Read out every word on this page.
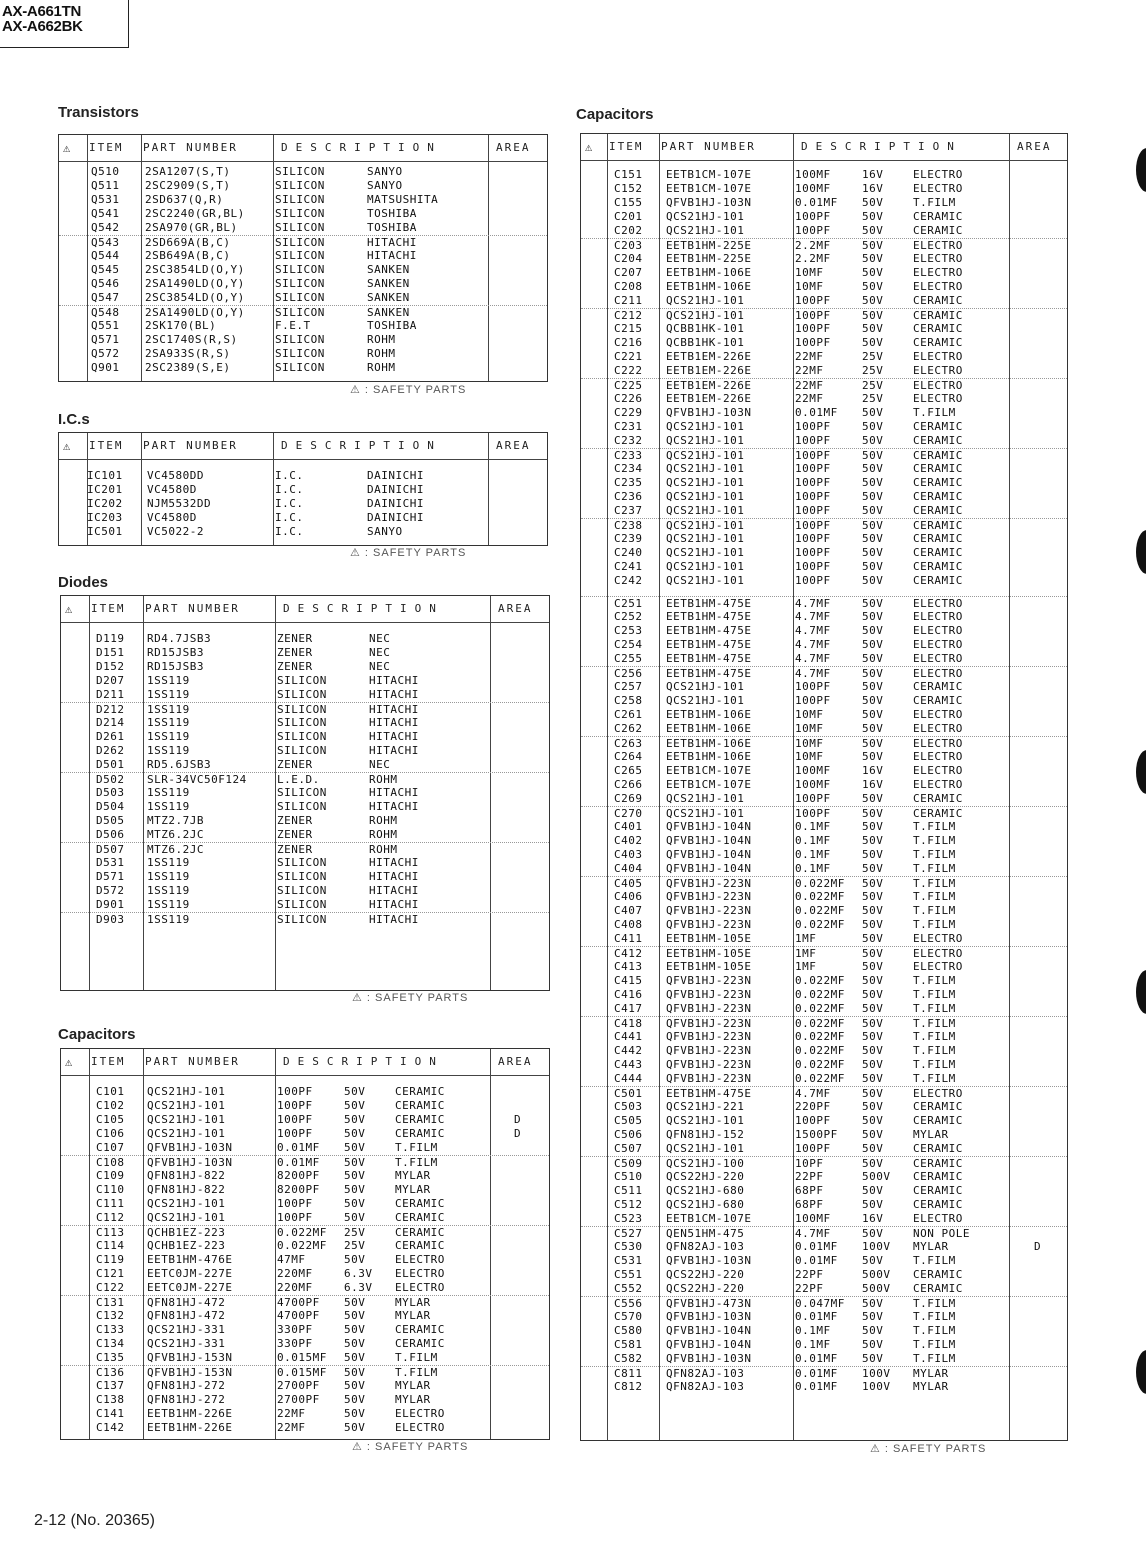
AX-A661TN
AX-A662BK
Transistors
⚠ ITEM PART NUMBER	DESCRIPTION	AREA
Q510 2SA1207(S,T)	SILICON	SANYO
Q511 2SC2909(S,T)	SILICON	SANYO
Q531 2SD637(Q,R)	SILICON	MATSUSHITA
Q541 2SC2240(GR,BL)	SILICON	TOSHIBA
Q542 2SA970(GR,BL)	SILICON	TOSHIBA
Q543 2SD669A(B,C)	SILICON	HITACHI
Q544 2SB649A(B,C)	SILICON	HITACHI
Q545 2SC3854LD(O,Y)	SILICON	SANKEN
Q546 2SA1490LD(O,Y)	SILICON	SANKEN
Q547 2SC3854LD(O,Y)	SILICON	SANKEN
Q548 2SA1490LD(O,Y)	SILICON	SANKEN
Q551 2SK170(BL)	F.E.T	TOSHIBA
Q571 2SC1740S(R,S)	SILICON	ROHM
Q572 2SA933S(R,S)	SILICON	ROHM
Q901 2SC2389(S,E)	SILICON	ROHM
⚠ : SAFETY PARTS
I.C.s
⚠ ITEM PART NUMBER	DESCRIPTION	AREA
IC101 VC4580DD	I.C.	DAINICHI
IC201 VC4580D	I.C.	DAINICHI
IC202 NJM5532DD	I.C.	DAINICHI
IC203 VC4580D	I.C.	DAINICHI
IC501 VC5022-2	I.C.	SANYO
⚠ : SAFETY PARTS
Diodes
⚠ ITEM PART NUMBER	DESCRIPTION	AREA
D119 RD4.7JSB3	ZENER	NEC
D151 RD15JSB3	ZENER	NEC
D152 RD15JSB3	ZENER	NEC
D207 1SS119	SILICON	HITACHI
D211 1SS119	SILICON	HITACHI
D212 1SS119	SILICON	HITACHI
D214 1SS119	SILICON	HITACHI
D261 1SS119	SILICON	HITACHI
D262 1SS119	SILICON	HITACHI
D501 RD5.6JSB3	ZENER	NEC
D502 SLR-34VC50F124	L.E.D.	ROHM
D503 1SS119	SILICON	HITACHI
D504 1SS119	SILICON	HITACHI
D505 MTZ2.7JB	ZENER	ROHM
D506 MTZ6.2JC	ZENER	ROHM
D507 MTZ6.2JC	ZENER	ROHM
D531 1SS119	SILICON	HITACHI
D571 1SS119	SILICON	HITACHI
D572 1SS119	SILICON	HITACHI
D901 1SS119	SILICON	HITACHI
D903 1SS119	SILICON	HITACHI
⚠ : SAFETY PARTS
Capacitors
⚠ ITEM PART NUMBER	DESCRIPTION	AREA
C101 QCS21HJ-101	100PF	50V	CERAMIC
C102 QCS21HJ-101	100PF	50V	CERAMIC
C105 QCS21HJ-101	100PF	50V	CERAMIC	D
C106 QCS21HJ-101	100PF	50V	CERAMIC	D
C107 QFVB1HJ-103N	0.01MF 50V	T.FILM
C108 QFVB1HJ-103N	0.01MF 50V	T.FILM
C109 QFN81HJ-822	8200PF 50V	MYLAR
C110 QFN81HJ-822	8200PF 50V	MYLAR
C111 QCS21HJ-101	100PF	50V	CERAMIC
C112 QCS21HJ-101	100PF	50V	CERAMIC
C113 QCHB1EZ-223	0.022MF 25V	CERAMIC
C114 QCHB1EZ-223	0.022MF 25V	CERAMIC
C119 EETB1HM-476E	47MF	50V	ELECTRO
C121 EETC0JM-227E	220MF	6.3V ELECTRO
C122 EETC0JM-227E	220MF	6.3V ELECTRO
C131 QFN81HJ-472	4700PF 50V	MYLAR
C132 QFN81HJ-472	4700PF 50V	MYLAR
C133 QCS21HJ-331	330PF	50V	CERAMIC
C134 QCS21HJ-331	330PF	50V	CERAMIC
C135 QFVB1HJ-153N	0.015MF 50V	T.FILM
C136 QFVB1HJ-153N	0.015MF 50V	T.FILM
C137 QFN81HJ-272	2700PF 50V	MYLAR
C138 QFN81HJ-272	2700PF 50V	MYLAR
C141 EETB1HM-226E	22MF	50V	ELECTRO
C142 EETB1HM-226E	22MF	50V	ELECTRO
⚠ : SAFETY PARTS
Capacitors
⚠ ITEM PART NUMBER	DESCRIPTION	AREA
C151 EETB1CM-107E	100MF	16V	ELECTRO
C152 EETB1CM-107E	100MF	16V	ELECTRO
C155 QFVB1HJ-103N	0.01MF 50V	T.FILM
C201 QCS21HJ-101	100PF	50V	CERAMIC
C202 QCS21HJ-101	100PF	50V	CERAMIC
C203 EETB1HM-225E	2.2MF	50V	ELECTRO
C204 EETB1HM-225E	2.2MF	50V	ELECTRO
C207 EETB1HM-106E	10MF	50V	ELECTRO
C208 EETB1HM-106E	10MF	50V	ELECTRO
C211 QCS21HJ-101	100PF	50V	CERAMIC
C212 QCS21HJ-101	100PF	50V	CERAMIC
C215 QCBB1HK-101	100PF	50V	CERAMIC
C216 QCBB1HK-101	100PF	50V	CERAMIC
C221 EETB1EM-226E	22MF	25V	ELECTRO
C222 EETB1EM-226E	22MF	25V	ELECTRO
C225 EETB1EM-226E	22MF	25V	ELECTRO
C226 EETB1EM-226E	22MF	25V	ELECTRO
C229 QFVB1HJ-103N	0.01MF 50V	T.FILM
C231 QCS21HJ-101	100PF	50V	CERAMIC
C232 QCS21HJ-101	100PF	50V	CERAMIC
C233 QCS21HJ-101	100PF	50V	CERAMIC
C234 QCS21HJ-101	100PF	50V	CERAMIC
C235 QCS21HJ-101	100PF	50V	CERAMIC
C236 QCS21HJ-101	100PF	50V	CERAMIC
C237 QCS21HJ-101	100PF	50V	CERAMIC
C238 QCS21HJ-101	100PF	50V	CERAMIC
C239 QCS21HJ-101	100PF	50V	CERAMIC
C240 QCS21HJ-101	100PF	50V	CERAMIC
C241 QCS21HJ-101	100PF	50V	CERAMIC
C242 QCS21HJ-101	100PF	50V	CERAMIC
C251 EETB1HM-475E	4.7MF	50V	ELECTRO
C252 EETB1HM-475E	4.7MF	50V	ELECTRO
C253 EETB1HM-475E	4.7MF	50V	ELECTRO
C254 EETB1HM-475E	4.7MF	50V	ELECTRO
C255 EETB1HM-475E	4.7MF	50V	ELECTRO
C256 EETB1HM-475E	4.7MF	50V	ELECTRO
C257 QCS21HJ-101	100PF	50V	CERAMIC
C258 QCS21HJ-101	100PF	50V	CERAMIC
C261 EETB1HM-106E	10MF	50V	ELECTRO
C262 EETB1HM-106E	10MF	50V	ELECTRO
C263 EETB1HM-106E	10MF	50V	ELECTRO
C264 EETB1HM-106E	10MF	50V	ELECTRO
C265 EETB1CM-107E	100MF	16V	ELECTRO
C266 EETB1CM-107E	100MF	16V	ELECTRO
C269 QCS21HJ-101	100PF	50V	CERAMIC
C270 QCS21HJ-101	100PF	50V	CERAMIC
C401 QFVB1HJ-104N	0.1MF	50V	T.FILM
C402 QFVB1HJ-104N	0.1MF	50V	T.FILM
C403 QFVB1HJ-104N	0.1MF	50V	T.FILM
C404 QFVB1HJ-104N	0.1MF	50V	T.FILM
C405 QFVB1HJ-223N	0.022MF 50V	T.FILM
C406 QFVB1HJ-223N	0.022MF 50V	T.FILM
C407 QFVB1HJ-223N	0.022MF 50V	T.FILM
C408 QFVB1HJ-223N	0.022MF 50V	T.FILM
C411 EETB1HM-105E	1MF	50V	ELECTRO
C412 EETB1HM-105E	1MF	50V	ELECTRO
C413 EETB1HM-105E	1MF	50V	ELECTRO
C415 QFVB1HJ-223N	0.022MF 50V	T.FILM
C416 QFVB1HJ-223N	0.022MF 50V	T.FILM
C417 QFVB1HJ-223N	0.022MF 50V	T.FILM
C418 QFVB1HJ-223N	0.022MF 50V	T.FILM
C441 QFVB1HJ-223N	0.022MF 50V	T.FILM
C442 QFVB1HJ-223N	0.022MF 50V	T.FILM
C443 QFVB1HJ-223N	0.022MF 50V	T.FILM
C444 QFVB1HJ-223N	0.022MF 50V	T.FILM
C501 EETB1HM-475E	4.7MF	50V	ELECTRO
C503 QCS21HJ-221	220PF	50V	CERAMIC
C505 QCS21HJ-101	100PF	50V	CERAMIC
C506 QFN81HJ-152	1500PF 50V	MYLAR
C507 QCS21HJ-101	100PF	50V	CERAMIC
C509 QCS21HJ-100	10PF	50V	CERAMIC
C510 QCS22HJ-220	22PF	500V CERAMIC
C511 QCS21HJ-680	68PF	50V	CERAMIC
C512 QCS21HJ-680	68PF	50V	CERAMIC
C523 EETB1CM-107E	100MF	16V	ELECTRO
C527 QEN51HM-475	4.7MF	50V	NON POLE
C530 QFN82AJ-103	0.01MF 100V MYLAR	D
C531 QFVB1HJ-103N	0.01MF 50V	T.FILM
C551 QCS22HJ-220	22PF	500V CERAMIC
C552 QCS22HJ-220	22PF	500V CERAMIC
C556 QFVB1HJ-473N	0.047MF 50V	T.FILM
C570 QFVB1HJ-103N	0.01MF 50V	T.FILM
C580 QFVB1HJ-104N	0.1MF	50V	T.FILM
C581 QFVB1HJ-104N	0.1MF	50V	T.FILM
C582 QFVB1HJ-103N	0.01MF 50V	T.FILM
C811 QFN82AJ-103	0.01MF 100V MYLAR
C812 QFN82AJ-103	0.01MF 100V MYLAR
⚠ : SAFETY PARTS
2-12 (No. 20365)
